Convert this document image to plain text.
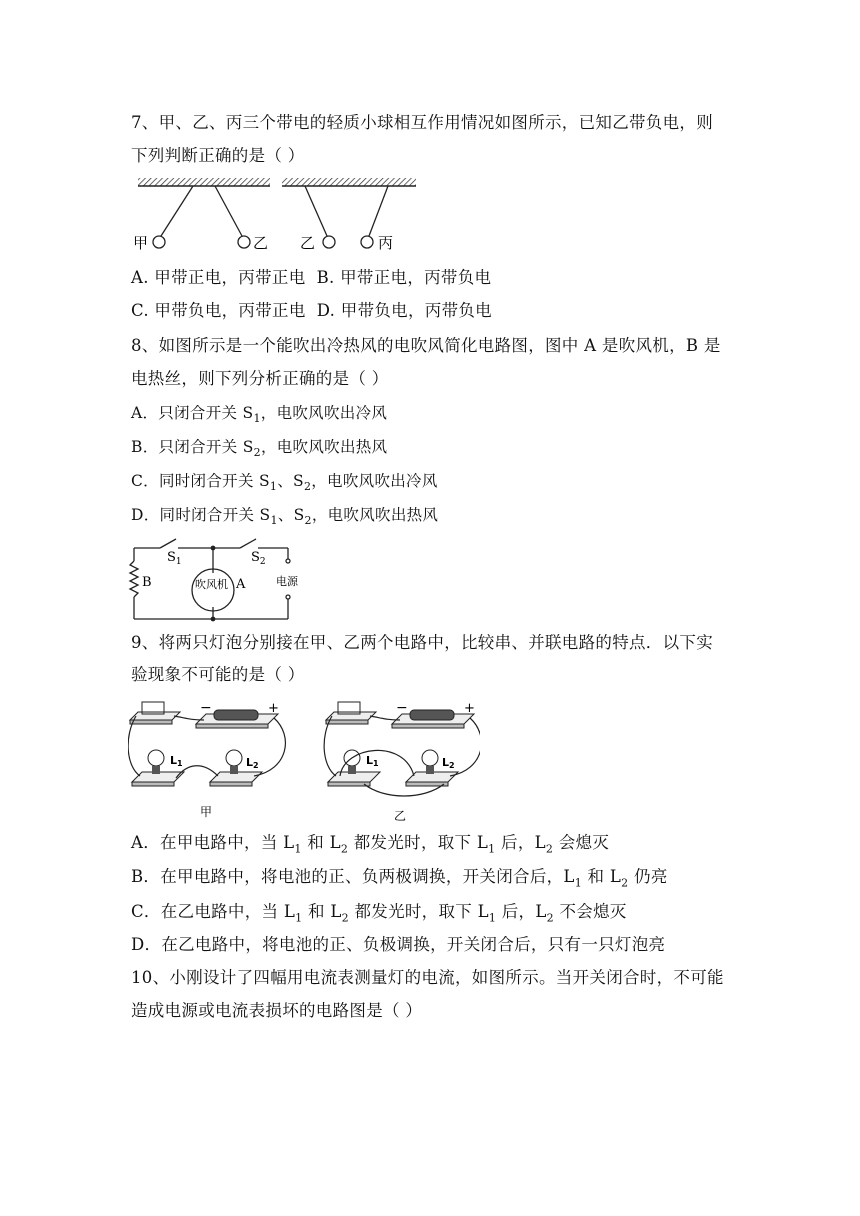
7、甲、乙、丙三个带电的轻质小球相互作用情况如图所示，已知乙带负电，则
下列判断正确的是（ ）
甲	乙 乙	丙
A. 甲带正电，丙带正电 B. 甲带正电，丙带负电
C. 甲带负电，丙带正电 D. 甲带负电，丙带负电
8、如图所示是一个能吹出冷热风的电吹风简化电路图，图中 A 是吹风机，B 是
电热丝，则下列分析正确的是（ ）
A．只闭合开关 $S_1$，电吹风吹出冷风
B．只闭合开关 $S_2$，电吹风吹出热风
C．同时闭合开关 $S_1$、$S_2$，电吹风吹出冷风
D．同时闭合开关 $S_1$、$S_2$，电吹风吹出热风
$S_1$	$S_2$
B	吹风机 A	电源
9、将两只灯泡分别接在甲、乙两个电路中，比较串、并联电路的特点．以下实
验现象不可能的是（ ）
−	+
L1	L2
甲
−	+
L1	L2
乙
A．在甲电路中，当 $L_1$ 和 $L_2$ 都发光时，取下 $L_1$ 后，$L_2$ 会熄灭
B．在甲电路中，将电池的正、负两极调换，开关闭合后，$L_1$ 和 $L_2$ 仍亮
C．在乙电路中，当 $L_1$ 和 $L_2$ 都发光时，取下 $L_1$ 后，$L_2$ 不会熄灭
D．在乙电路中，将电池的正、负极调换，开关闭合后，只有一只灯泡亮
10、小刚设计了四幅用电流表测量灯的电流，如图所示。当开关闭合时，不可能
造成电源或电流表损坏的电路图是（ ）
